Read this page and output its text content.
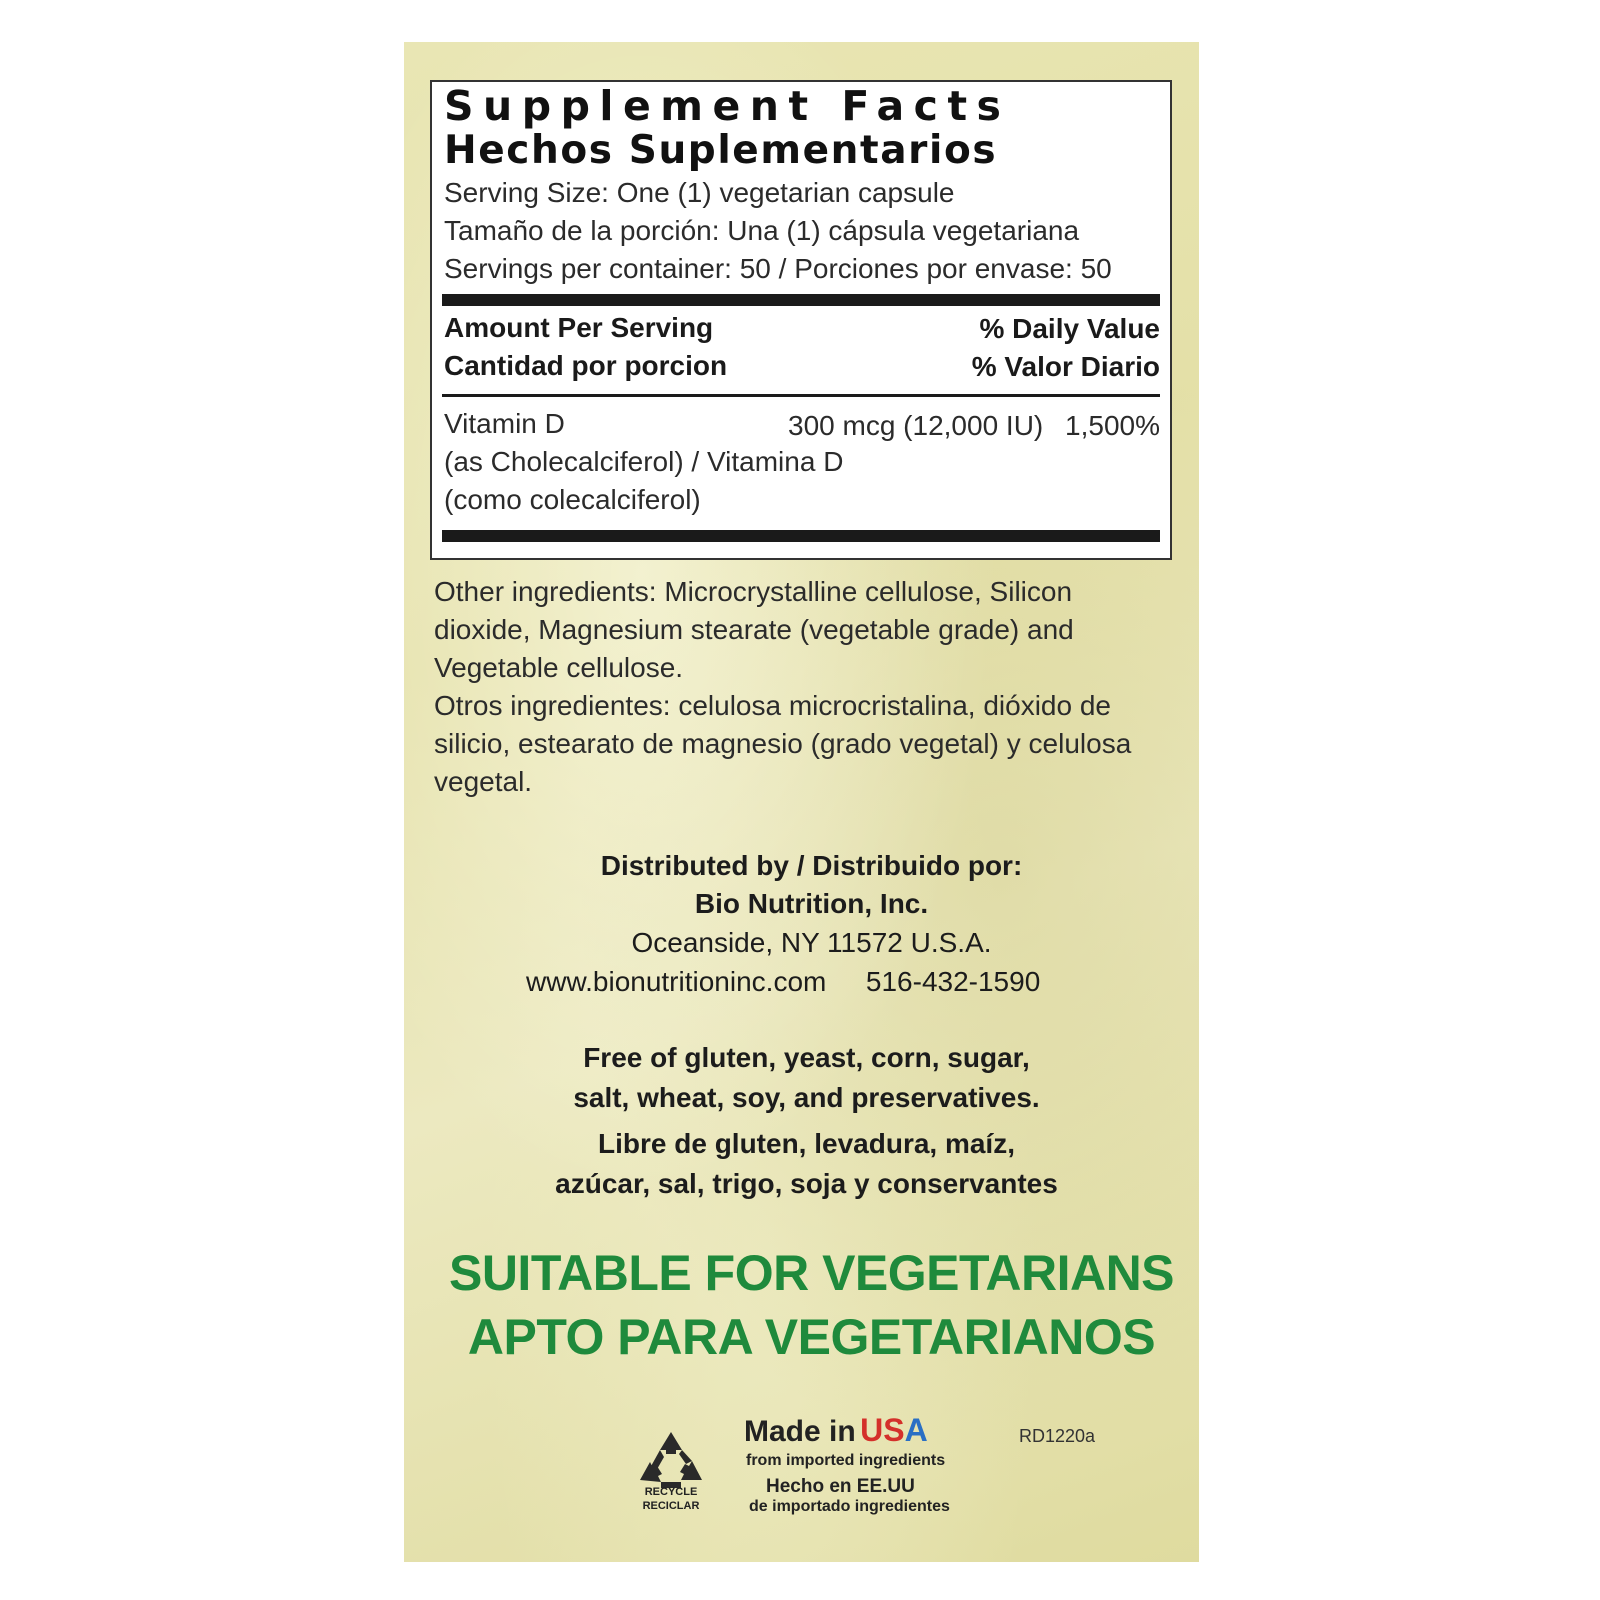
Supplement Facts
Hechos Suplementarios
Serving Size: One (1) vegetarian capsule
Tamaño de la porción: Una (1) cápsula vegetariana
Servings per container: 50 / Porciones por envase: 50
Amount Per Serving
Cantidad por porcion
% Daily Value
% Valor Diario
Vitamin D
(as Cholecalciferol) / Vitamina D
(como colecalciferol)
300 mcg (12,000 IU) 1,500%
Other ingredients: Microcrystalline cellulose, Silicon
dioxide, Magnesium stearate (vegetable grade) and
Vegetable cellulose.
Otros ingredientes: celulosa microcristalina, dióxido de
silicio, estearato de magnesio (grado vegetal) y celulosa
vegetal.
Distributed by / Distribuido por:
Bio Nutrition, Inc.
Oceanside, NY 11572 U.S.A.
www.bionutritioninc.com 516-432-1590
Free of gluten, yeast, corn, sugar,
salt, wheat, soy, and preservatives.
Libre de gluten, levadura, maíz,
azúcar, sal, trigo, soja y conservantes
SUITABLE FOR VEGETARIANS
APTO PARA VEGETARIANOS
RECYCLE
RECICLAR
Made in USA
from imported ingredients
Hecho en EE.UU
de importado ingredientes
RD1220a
